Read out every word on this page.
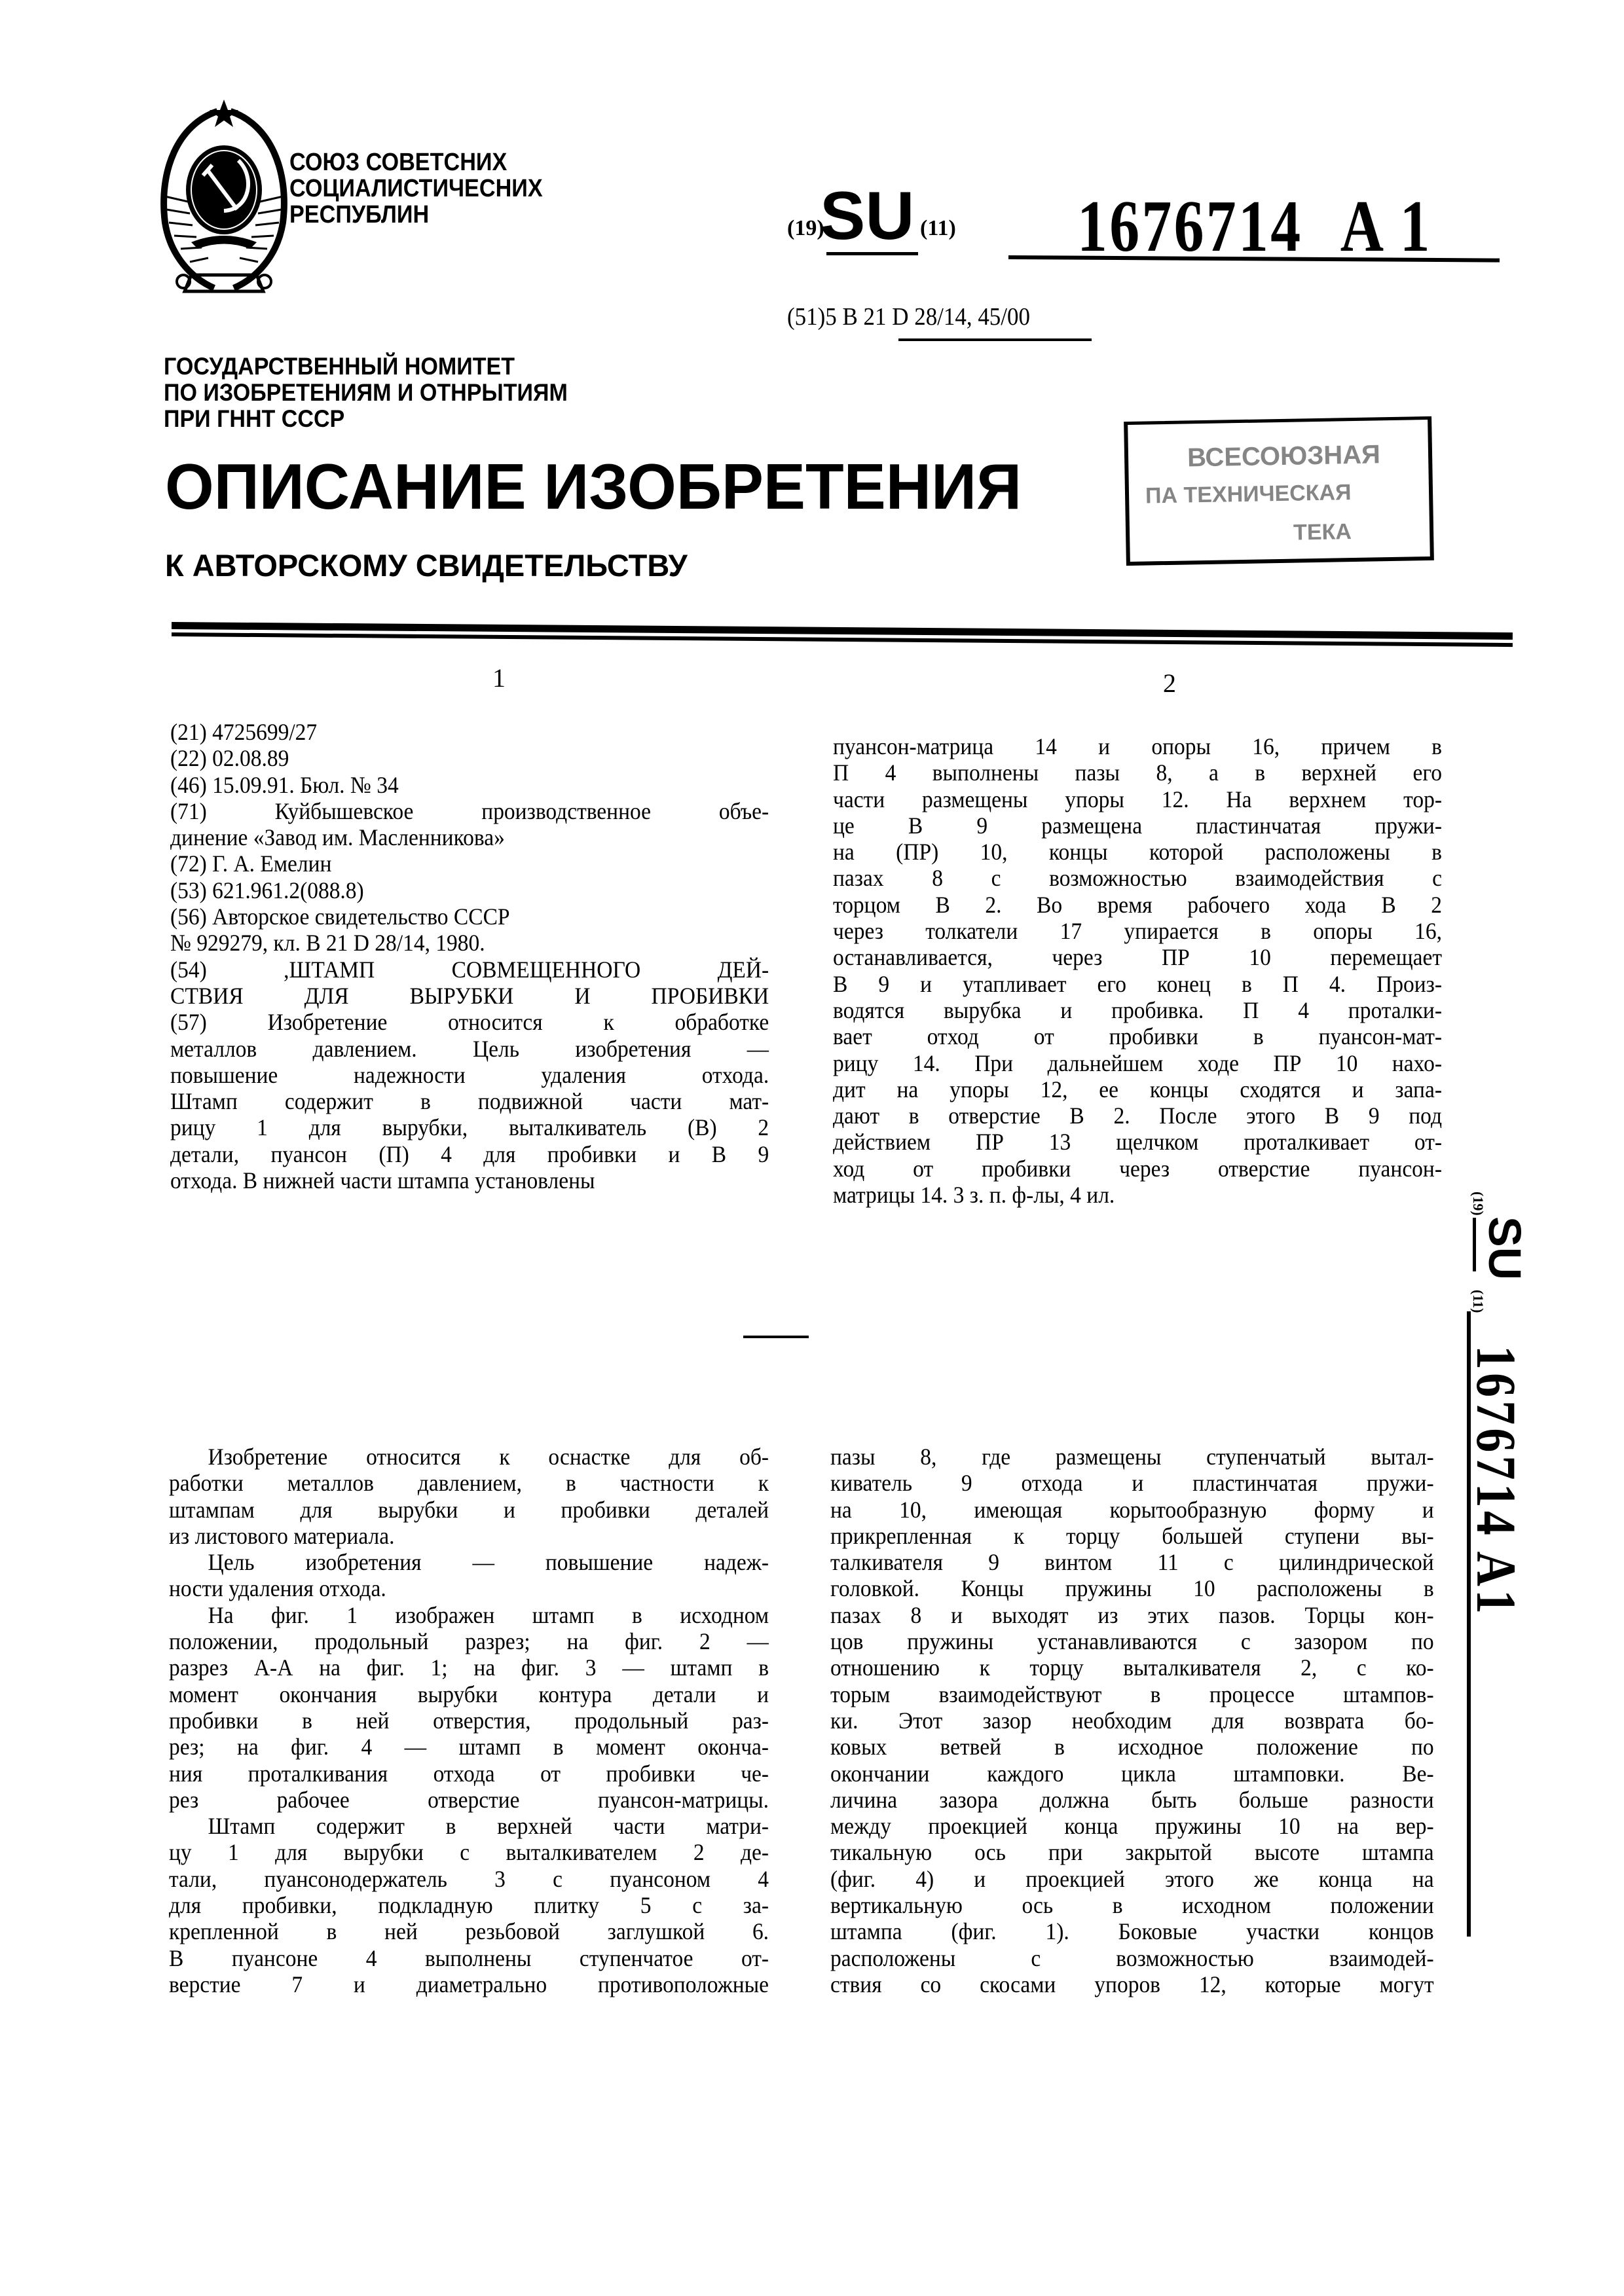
СОЮЗ СОВЕТСНИХ
СОЦИАЛИСТИЧЕСНИХ
РЕСПУБЛИН
ГОСУДАРСТВЕННЫЙ НОМИТЕТ
ПО ИЗОБРЕТЕНИЯМ И ОТНРЫТИЯМ
ПРИ ГННТ СССР
ОПИСАНИЕ ИЗОБРЕТЕНИЯ
К АВТОРСКОМУ СВИДЕТЕЛЬСТВУ
(19)
SU (11) 1676714 A 1
(51)5 B 21 D 28/14, 45/00
ВСЕСОЮЗНАЯ
ПА ТЕХНИЧЕСКАЯ
ТЕКА
1	2
(21) 4725699/27
(22) 02.08.89
(46) 15.09.91. Бюл. № 34
(71) Куйбышевское производственное объе-
динение «Завод им. Масленникова»
(72) Г. А. Емелин
(53) 621.961.2(088.8)
(56) Авторское свидетельство СССР
№ 929279, кл. B 21 D 28/14, 1980.
(54) ,ШТАМП СОВМЕЩЕННОГО ДЕЙ-
СТВИЯ ДЛЯ ВЫРУБКИ И ПРОБИВКИ
(57) Изобретение относится к обработке
металлов давлением. Цель изобретения —
повышение надежности удаления отхода.
Штамп содержит в подвижной части мат-
рицу 1 для вырубки, выталкиватель (В) 2
детали, пуансон (П) 4 для пробивки и В 9
отхода. В нижней части штампа установлены
пуансон-матрица 14 и опоры 16, причем в
П 4 выполнены пазы 8, а в верхней его
части размещены упоры 12. На верхнем тор-
це В 9 размещена пластинчатая пружи-
на (ПР) 10, концы которой расположены в
пазах 8 с возможностью взаимодействия с
торцом В 2. Во время рабочего хода В 2
через толкатели 17 упирается в опоры 16,
останавливается, через ПР 10 перемещает
В 9 и утапливает его конец в П 4. Произ-
водятся вырубка и пробивка. П 4 проталки-
вает отход от пробивки в пуансон-мат-
рицу 14. При дальнейшем ходе ПР 10 нахо-
дит на упоры 12, ее концы сходятся и запа-
дают в отверстие В 2. После этого В 9 под
действием ПР 13 щелчком проталкивает от-
ход от пробивки через отверстие пуансон-
матрицы 14. 3 з. п. ф-лы, 4 ил.
Изобретение относится к оснастке для об-
работки металлов давлением, в частности к
штампам для вырубки и пробивки деталей
из листового материала.
Цель изобретения — повышение надеж-
ности удаления отхода.
На фиг. 1 изображен штамп в исходном
положении, продольный разрез; на фиг. 2 —
разрез А-А на фиг. 1; на фиг. 3 — штамп в
момент окончания вырубки контура детали и
пробивки в ней отверстия, продольный раз-
рез; на фиг. 4 — штамп в момент оконча-
ния проталкивания отхода от пробивки че-
рез рабочее отверстие пуансон-матрицы.
Штамп содержит в верхней части матри-
цу 1 для вырубки с выталкивателем 2 де-
тали, пуансонодержатель 3 с пуансоном 4
для пробивки, подкладную плитку 5 с за-
крепленной в ней резьбовой заглушкой 6.
В пуансоне 4 выполнены ступенчатое от-
верстие 7 и диаметрально противоположные
пазы 8, где размещены ступенчатый вытал-
киватель 9 отхода и пластинчатая пружи-
на 10, имеющая корытообразную форму и
прикрепленная к торцу большей ступени вы-
талкивателя 9 винтом 11 с цилиндрической
головкой. Концы пружины 10 расположены в
пазах 8 и выходят из этих пазов. Торцы кон-
цов пружины устанавливаются с зазором по
отношению к торцу выталкивателя 2, с ко-
торым взаимодействуют в процессе штампов-
ки. Этот зазор необходим для возврата бо-
ковых ветвей в исходное положение по
окончании каждого цикла штамповки. Ве-
личина зазора должна быть больше разности
между проекцией конца пружины 10 на вер-
тикальную ось при закрытой высоте штампа
(фиг. 4) и проекцией этого же конца на
вертикальную ось в исходном положении
штампа (фиг. 1). Боковые участки концов
расположены с возможностью взаимодей-
ствия со скосами упоров 12, которые могут
(19)
SU
(11)
1676714 A1
